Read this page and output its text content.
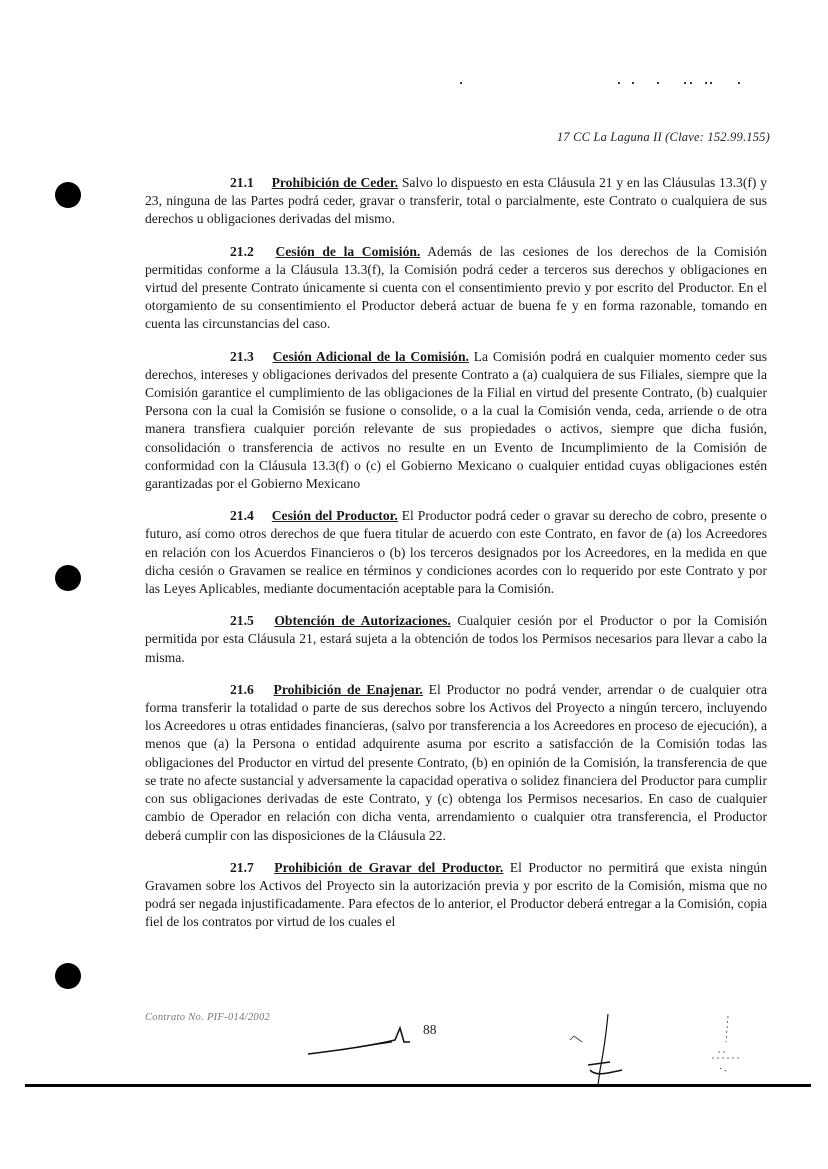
17 CC La Laguna II (Clave: 152.99.155)

21.1 Prohibición de Ceder. Salvo lo dispuesto en esta Cláusula 21 y en las Cláusulas 13.3(f) y 23, ninguna de las Partes podrá ceder, gravar o transferir, total o parcialmente, este Contrato o cualquiera de sus derechos u obligaciones derivadas del mismo.

21.2 Cesión de la Comisión. Además de las cesiones de los derechos de la Comisión permitidas conforme a la Cláusula 13.3(f), la Comisión podrá ceder a terceros sus derechos y obligaciones en virtud del presente Contrato únicamente si cuenta con el consentimiento previo y por escrito del Productor. En el otorgamiento de su consentimiento el Productor deberá actuar de buena fe y en forma razonable, tomando en cuenta las circunstancias del caso.

21.3 Cesión Adicional de la Comisión. La Comisión podrá en cualquier momento ceder sus derechos, intereses y obligaciones derivados del presente Contrato a (a) cualquiera de sus Filiales, siempre que la Comisión garantice el cumplimiento de las obligaciones de la Filial en virtud del presente Contrato, (b) cualquier Persona con la cual la Comisión se fusione o consolide, o a la cual la Comisión venda, ceda, arriende o de otra manera transfiera cualquier porción relevante de sus propiedades o activos, siempre que dicha fusión, consolidación o transferencia de activos no resulte en un Evento de Incumplimiento de la Comisión de conformidad con la Cláusula 13.3(f) o (c) el Gobierno Mexicano o cualquier entidad cuyas obligaciones estén garantizadas por el Gobierno Mexicano

21.4 Cesión del Productor. El Productor podrá ceder o gravar su derecho de cobro, presente o futuro, así como otros derechos de que fuera titular de acuerdo con este Contrato, en favor de (a) los Acreedores en relación con los Acuerdos Financieros o (b) los terceros designados por los Acreedores, en la medida en que dicha cesión o Gravamen se realice en términos y condiciones acordes con lo requerido por este Contrato y por las Leyes Aplicables, mediante documentación aceptable para la Comisión.

21.5 Obtención de Autorizaciones. Cualquier cesión por el Productor o por la Comisión permitida por esta Cláusula 21, estará sujeta a la obtención de todos los Permisos necesarios para llevar a cabo la misma.

21.6 Prohibición de Enajenar. El Productor no podrá vender, arrendar o de cualquier otra forma transferir la totalidad o parte de sus derechos sobre los Activos del Proyecto a ningún tercero, incluyendo los Acreedores u otras entidades financieras, (salvo por transferencia a los Acreedores en proceso de ejecución), a menos que (a) la Persona o entidad adquirente asuma por escrito a satisfacción de la Comisión todas las obligaciones del Productor en virtud del presente Contrato, (b) en opinión de la Comisión, la transferencia de que se trate no afecte sustancial y adversamente la capacidad operativa o solidez financiera del Productor para cumplir con sus obligaciones derivadas de este Contrato, y (c) obtenga los Permisos necesarios. En caso de cualquier cambio de Operador en relación con dicha venta, arrendamiento o cualquier otra transferencia, el Productor deberá cumplir con las disposiciones de la Cláusula 22.

21.7 Prohibición de Gravar del Productor. El Productor no permitirá que exista ningún Gravamen sobre los Activos del Proyecto sin la autorización previa y por escrito de la Comisión, misma que no podrá ser negada injustificadamente. Para efectos de lo anterior, el Productor deberá entregar a la Comisión, copia fiel de los contratos por virtud de los cuales el

Contrato No. PIF-014/2002
88
